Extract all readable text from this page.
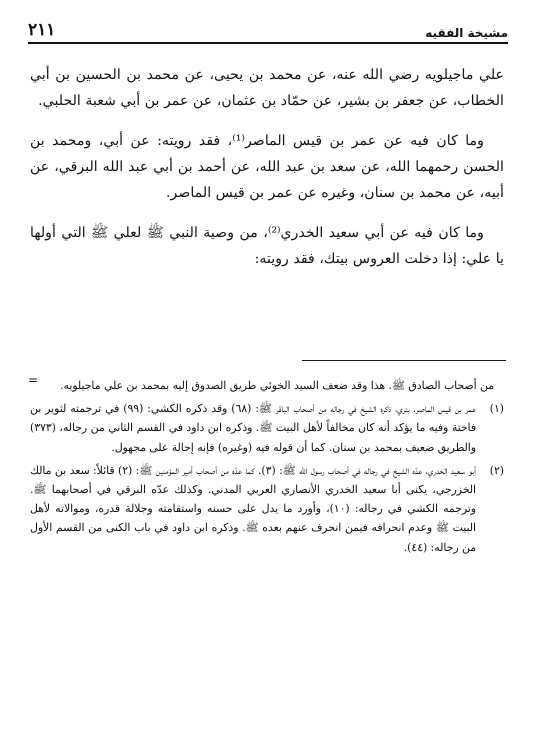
مشيخة الفقيه
٢١١

علي ماجيلويه رضي الله عنه، عن محمد بن يحيى، عن محمد بن الحسين بن أبي الخطاب، عن جعفر بن بشير، عن حمّاد بن عثمان، عن عمر بن أبي شعبة الحلبي.

وما كان فيه عن عمر بن قيس الماصر⁽¹⁾، فقد رويته: عن أبي، ومحمد بن الحسن رحمهما الله، عن سعد بن عبد الله، عن أحمد بن أبي عبد الله البرقي، عن أبيه، عن محمد بن سنان، وغيره عن عمر بن قيس الماصر.

وما كان فيه عن أبي سعيد الخدري⁽²⁾، من وصية النبي ﷺ لعلي ﷺ التي أولها يا علي: إذا دخلت العروس بيتك، فقد رويته:

=	من أصحاب الصادق ﷺ. هذا وقد ضعف السيد الخوئي طريق الصدوق إليه بمحمد بن علي ماجيلويه.

(١)عمر بن قيس الماصر، بتري، ذكره الشيخ في رجاله من أصحاب الباقر ﷺ: (٦٨) وقد ذكره الكشي: (٩٩) في ترجمته لثوير بن فاختة وفيه ما يؤكد أنه كان مخالفاً لأهل البيت ﷺ. وذكره ابن داود في القسم الثاني من رجاله، (٣٧٣) والطريق ضعيف بمحمد بن سنان. كما أن قوله فيه (وغيره) فإنه إحالة على مجهول.

(٢)أبو سعيد الخدري، عدّه الشيخ في رجاله في أصحاب رسول الله ﷺ: (٣). كما عدّه من أصحاب أمير المؤمنين ﷺ: (٢) قائلاً: سعد بن مالك الخزرجي، يكنى أبا سعيد الخدري الأنصاري العربي المدني. وكذلك عدّه البرقي في أصحابهما ﷺ. وترجمه الكشي في رجاله: (١٠)، وأورد ما يدل على حسنه واستقامته وجلالة قدره، وموالاته لأهل البيت ﷺ وعدم انحرافه فيمن انحرف عنهم بعده ﷺ. وذكره ابن داود في باب الكنى من القسم الأول من رجاله: (٤٤).
